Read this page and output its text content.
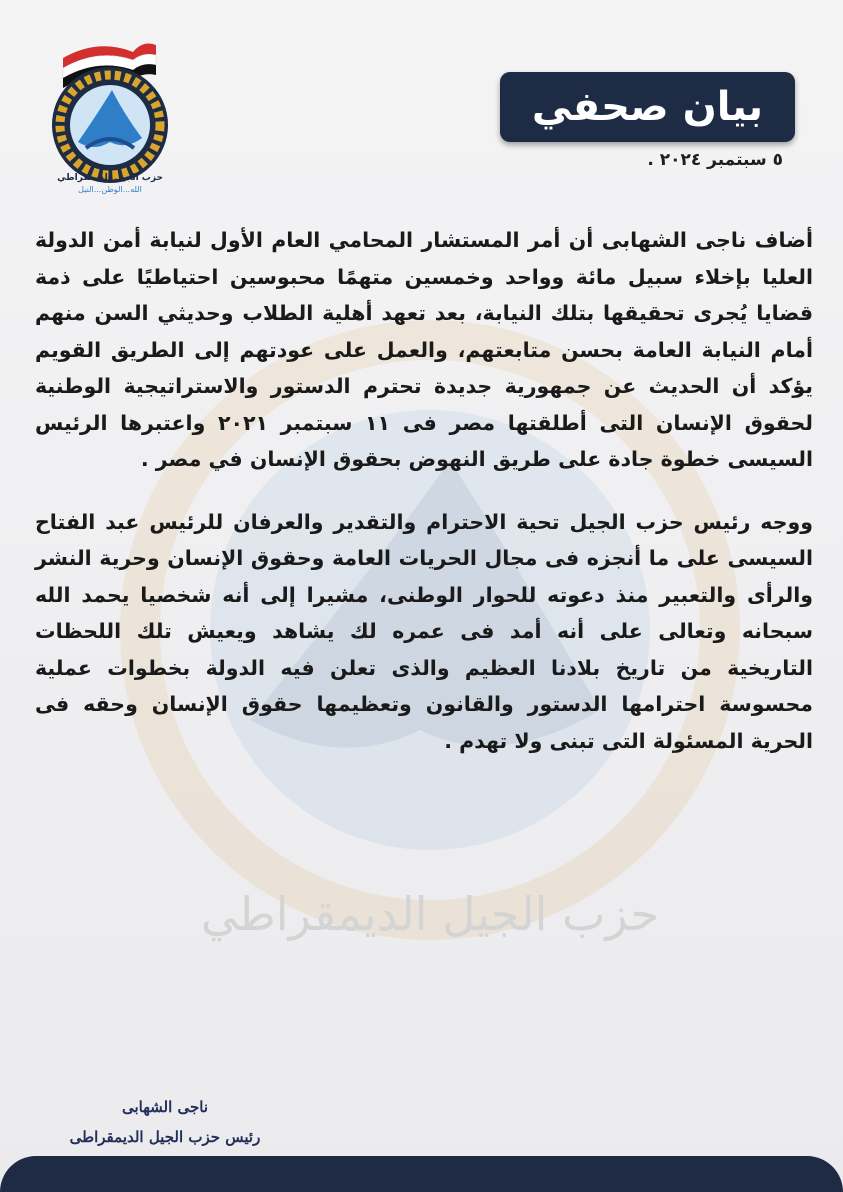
حزب الجيل الديمقراطي
حزب الجيل الديمقراطي
الله...الوطن...النيل
بيان صحفي
٥ سبتمبر ٢٠٢٤ .

أضاف ناجى الشهابى أن أمر المستشار المحامي العام الأول لنيابة أمن الدولة العليا بإخلاء سبيل مائة وواحد وخمسين متهمًا محبوسين احتياطيًا على ذمة قضايا يُجرى تحقيقها بتلك النيابة، بعد تعهد أهلية الطلاب وحديثي السن منهم أمام النيابة العامة بحسن متابعتهم، والعمل على عودتهم إلى الطريق القويم يؤكد أن الحديث عن جمهورية جديدة تحترم الدستور والاستراتيجية الوطنية لحقوق الإنسان التى أطلقتها مصر فى ١١ سبتمبر ٢٠٢١ واعتبرها الرئيس السيسى خطوة جادة على طريق النهوض بحقوق الإنسان في مصر .

ووجه رئيس حزب الجيل تحية الاحترام والتقدير والعرفان للرئيس عبد الفتاح السيسى على ما أنجزه فى مجال الحريات العامة وحقوق الإنسان وحرية النشر والرأى والتعبير منذ دعوته للحوار الوطنى، مشيرا إلى أنه شخصيا يحمد الله سبحانه وتعالى على أنه أمد فى عمره لك يشاهد ويعيش تلك اللحظات التاريخية من تاريخ بلادنا العظيم والذى تعلن فيه الدولة بخطوات عملية محسوسة احترامها الدستور والقانون وتعظيمها حقوق الإنسان وحقه فى الحرية المسئولة التى تبنى ولا تهدم .

ناجى الشهابى
رئيس حزب الجيل الديمقراطى
